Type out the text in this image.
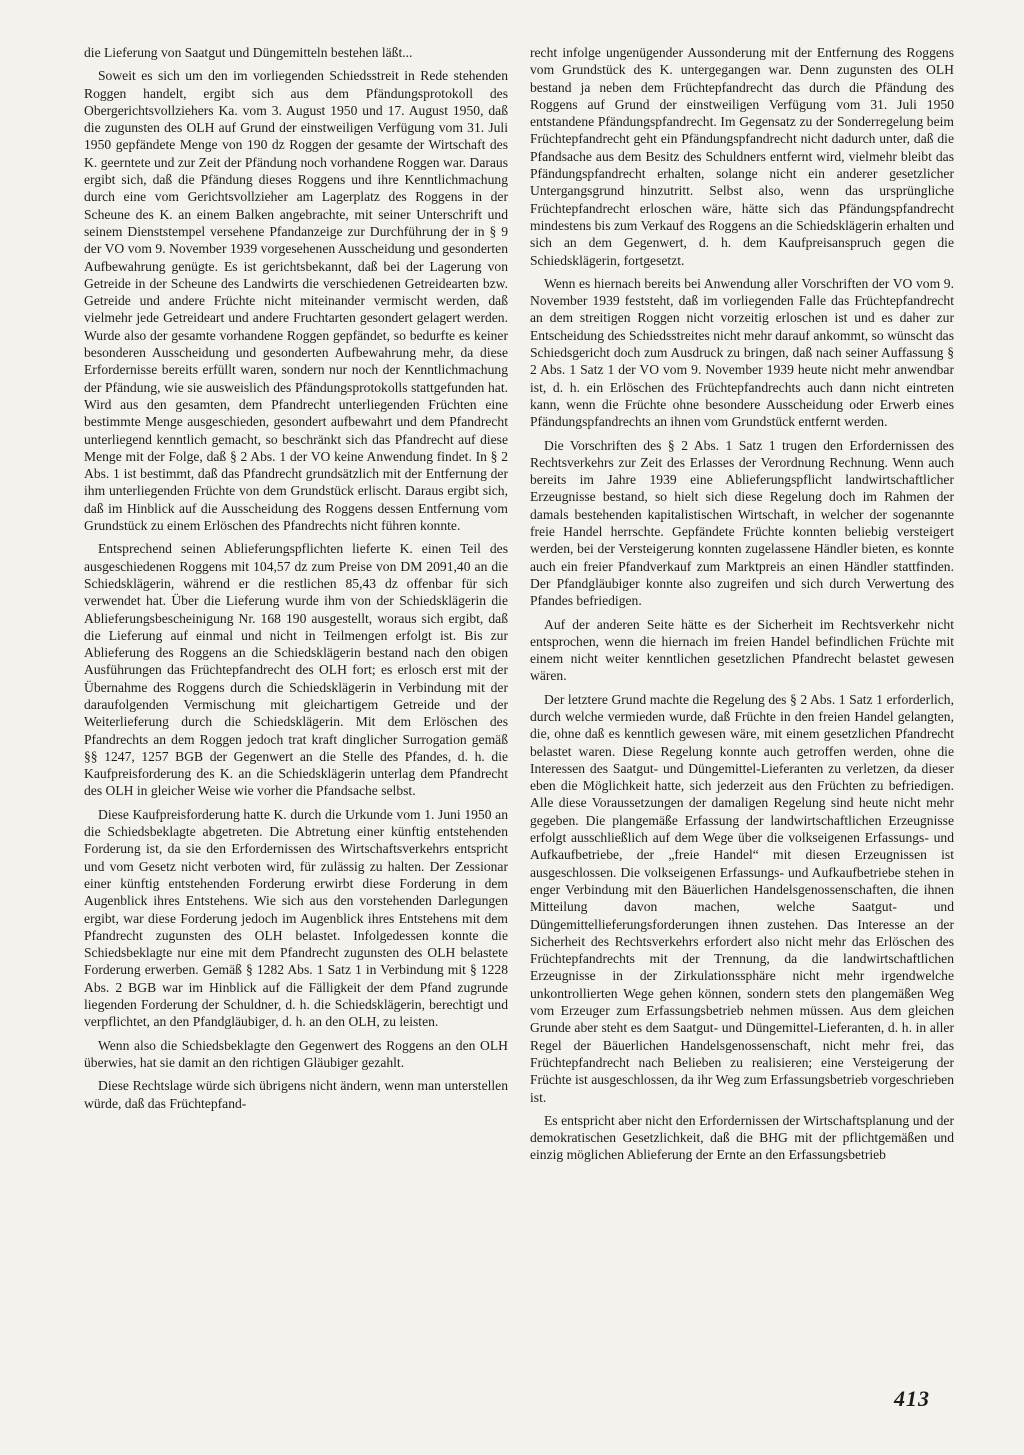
die Lieferung von Saatgut und Düngemitteln bestehen läßt...

Soweit es sich um den im vorliegenden Schiedsstreit in Rede stehenden Roggen handelt, ergibt sich aus dem Pfändungsprotokoll des Obergerichtsvollziehers Ka. vom 3. August 1950 und 17. August 1950, daß die zugunsten des OLH auf Grund der einstweiligen Verfügung vom 31. Juli 1950 gepfändete Menge von 190 dz Roggen der gesamte der Wirtschaft des K. geerntete und zur Zeit der Pfändung noch vorhandene Roggen war. Daraus ergibt sich, daß die Pfändung dieses Roggens und ihre Kenntlichmachung durch eine vom Gerichtsvollzieher am Lagerplatz des Roggens in der Scheune des K. an einem Balken angebrachte, mit seiner Unterschrift und seinem Dienststempel versehene Pfandanzeige zur Durchführung der in § 9 der VO vom 9. November 1939 vorgesehenen Ausscheidung und gesonderten Aufbewahrung genügte. Es ist gerichtsbekannt, daß bei der Lagerung von Getreide in der Scheune des Landwirts die verschiedenen Getreidearten bzw. Getreide und andere Früchte nicht miteinander vermischt werden, daß vielmehr jede Getreideart und andere Fruchtarten gesondert gelagert werden. Wurde also der gesamte vorhandene Roggen gepfändet, so bedurfte es keiner besonderen Ausscheidung und gesonderten Aufbewahrung mehr, da diese Erfordernisse bereits erfüllt waren, sondern nur noch der Kenntlichmachung der Pfändung, wie sie ausweislich des Pfändungsprotokolls stattgefunden hat. Wird aus den gesamten, dem Pfandrecht unterliegenden Früchten eine bestimmte Menge ausgeschieden, gesondert aufbewahrt und dem Pfandrecht unterliegend kenntlich gemacht, so beschränkt sich das Pfandrecht auf diese Menge mit der Folge, daß § 2 Abs. 1 der VO keine Anwendung findet. In § 2 Abs. 1 ist bestimmt, daß das Pfandrecht grundsätzlich mit der Entfernung der ihm unterliegenden Früchte von dem Grundstück erlischt. Daraus ergibt sich, daß im Hinblick auf die Ausscheidung des Roggens dessen Entfernung vom Grundstück zu einem Erlöschen des Pfandrechts nicht führen konnte.

Entsprechend seinen Ablieferungspflichten lieferte K. einen Teil des ausgeschiedenen Roggens mit 104,57 dz zum Preise von DM 2091,40 an die Schiedsklägerin, während er die restlichen 85,43 dz offenbar für sich verwendet hat. Über die Lieferung wurde ihm von der Schiedsklägerin die Ablieferungsbescheinigung Nr. 168 190 ausgestellt, woraus sich ergibt, daß die Lieferung auf einmal und nicht in Teilmengen erfolgt ist. Bis zur Ablieferung des Roggens an die Schiedsklägerin bestand nach den obigen Ausführungen das Früchtepfandrecht des OLH fort; es erlosch erst mit der Übernahme des Roggens durch die Schiedsklägerin in Verbindung mit der daraufolgenden Vermischung mit gleichartigem Getreide und der Weiterlieferung durch die Schiedsklägerin. Mit dem Erlöschen des Pfandrechts an dem Roggen jedoch trat kraft dinglicher Surrogation gemäß §§ 1247, 1257 BGB der Gegenwert an die Stelle des Pfandes, d. h. die Kaufpreisforderung des K. an die Schiedsklägerin unterlag dem Pfandrecht des OLH in gleicher Weise wie vorher die Pfandsache selbst.

Diese Kaufpreisforderung hatte K. durch die Urkunde vom 1. Juni 1950 an die Schiedsbeklagte abgetreten. Die Abtretung einer künftig entstehenden Forderung ist, da sie den Erfordernissen des Wirtschaftsverkehrs entspricht und vom Gesetz nicht verboten wird, für zulässig zu halten. Der Zessionar einer künftig entstehenden Forderung erwirbt diese Forderung in dem Augenblick ihres Entstehens. Wie sich aus den vorstehenden Darlegungen ergibt, war diese Forderung jedoch im Augenblick ihres Entstehens mit dem Pfandrecht zugunsten des OLH belastet. Infolgedessen konnte die Schiedsbeklagte nur eine mit dem Pfandrecht zugunsten des OLH belastete Forderung erwerben. Gemäß § 1282 Abs. 1 Satz 1 in Verbindung mit § 1228 Abs. 2 BGB war im Hinblick auf die Fälligkeit der dem Pfand zugrunde liegenden Forderung der Schuldner, d. h. die Schiedsklägerin, berechtigt und verpflichtet, an den Pfandgläubiger, d. h. an den OLH, zu leisten.

Wenn also die Schiedsbeklagte den Gegenwert des Roggens an den OLH überwies, hat sie damit an den richtigen Gläubiger gezahlt.

Diese Rechtslage würde sich übrigens nicht ändern, wenn man unterstellen würde, daß das Früchtepfand-

recht infolge ungenügender Aussonderung mit der Entfernung des Roggens vom Grundstück des K. untergegangen war. Denn zugunsten des OLH bestand ja neben dem Früchtepfandrecht das durch die Pfändung des Roggens auf Grund der einstweiligen Verfügung vom 31. Juli 1950 entstandene Pfändungspfandrecht. Im Gegensatz zu der Sonderregelung beim Früchtepfandrecht geht ein Pfändungspfandrecht nicht dadurch unter, daß die Pfandsache aus dem Besitz des Schuldners entfernt wird, vielmehr bleibt das Pfändungspfandrecht erhalten, solange nicht ein anderer gesetzlicher Untergangsgrund hinzutritt. Selbst also, wenn das ursprüngliche Früchtepfandrecht erloschen wäre, hätte sich das Pfändungspfandrecht mindestens bis zum Verkauf des Roggens an die Schiedsklägerin erhalten und sich an dem Gegenwert, d. h. dem Kaufpreisanspruch gegen die Schiedsklägerin, fortgesetzt.

Wenn es hiernach bereits bei Anwendung aller Vorschriften der VO vom 9. November 1939 feststeht, daß im vorliegenden Falle das Früchtepfandrecht an dem streitigen Roggen nicht vorzeitig erloschen ist und es daher zur Entscheidung des Schiedsstreites nicht mehr darauf ankommt, so wünscht das Schiedsgericht doch zum Ausdruck zu bringen, daß nach seiner Auffassung § 2 Abs. 1 Satz 1 der VO vom 9. November 1939 heute nicht mehr anwendbar ist, d. h. ein Erlöschen des Früchtepfandrechts auch dann nicht eintreten kann, wenn die Früchte ohne besondere Ausscheidung oder Erwerb eines Pfändungspfandrechts an ihnen vom Grundstück entfernt werden.

Die Vorschriften des § 2 Abs. 1 Satz 1 trugen den Erfordernissen des Rechtsverkehrs zur Zeit des Erlasses der Verordnung Rechnung. Wenn auch bereits im Jahre 1939 eine Ablieferungspflicht landwirtschaftlicher Erzeugnisse bestand, so hielt sich diese Regelung doch im Rahmen der damals bestehenden kapitalistischen Wirtschaft, in welcher der sogenannte freie Handel herrschte. Gepfändete Früchte konnten beliebig versteigert werden, bei der Versteigerung konnten zugelassene Händler bieten, es konnte auch ein freier Pfandverkauf zum Marktpreis an einen Händler stattfinden. Der Pfandgläubiger konnte also zugreifen und sich durch Verwertung des Pfandes befriedigen.

Auf der anderen Seite hätte es der Sicherheit im Rechtsverkehr nicht entsprochen, wenn die hiernach im freien Handel befindlichen Früchte mit einem nicht weiter kenntlichen gesetzlichen Pfandrecht belastet gewesen wären.

Der letztere Grund machte die Regelung des § 2 Abs. 1 Satz 1 erforderlich, durch welche vermieden wurde, daß Früchte in den freien Handel gelangten, die, ohne daß es kenntlich gewesen wäre, mit einem gesetzlichen Pfandrecht belastet waren. Diese Regelung konnte auch getroffen werden, ohne die Interessen des Saatgut- und Düngemittel-Lieferanten zu verletzen, da dieser eben die Möglichkeit hatte, sich jederzeit aus den Früchten zu befriedigen. Alle diese Voraussetzungen der damaligen Regelung sind heute nicht mehr gegeben. Die plangemäße Erfassung der landwirtschaftlichen Erzeugnisse erfolgt ausschließlich auf dem Wege über die volkseigenen Erfassungs- und Aufkaufbetriebe, der „freie Handel“ mit diesen Erzeugnissen ist ausgeschlossen. Die volkseigenen Erfassungs- und Aufkaufbetriebe stehen in enger Verbindung mit den Bäuerlichen Handelsgenossenschaften, die ihnen Mitteilung davon machen, welche Saatgut- und Düngemittellieferungsforderungen ihnen zustehen. Das Interesse an der Sicherheit des Rechtsverkehrs erfordert also nicht mehr das Erlöschen des Früchtepfandrechts mit der Trennung, da die landwirtschaftlichen Erzeugnisse in der Zirkulationssphäre nicht mehr irgendwelche unkontrollierten Wege gehen können, sondern stets den plangemäßen Weg vom Erzeuger zum Erfassungsbetrieb nehmen müssen. Aus dem gleichen Grunde aber steht es dem Saatgut- und Düngemittel-Lieferanten, d. h. in aller Regel der Bäuerlichen Handelsgenossenschaft, nicht mehr frei, das Früchtepfandrecht nach Belieben zu realisieren; eine Versteigerung der Früchte ist ausgeschlossen, da ihr Weg zum Erfassungsbetrieb vorgeschrieben ist.

Es entspricht aber nicht den Erfordernissen der Wirtschaftsplanung und der demokratischen Gesetzlichkeit, daß die BHG mit der pflichtgemäßen und einzig möglichen Ablieferung der Ernte an den Erfassungsbetrieb

413
